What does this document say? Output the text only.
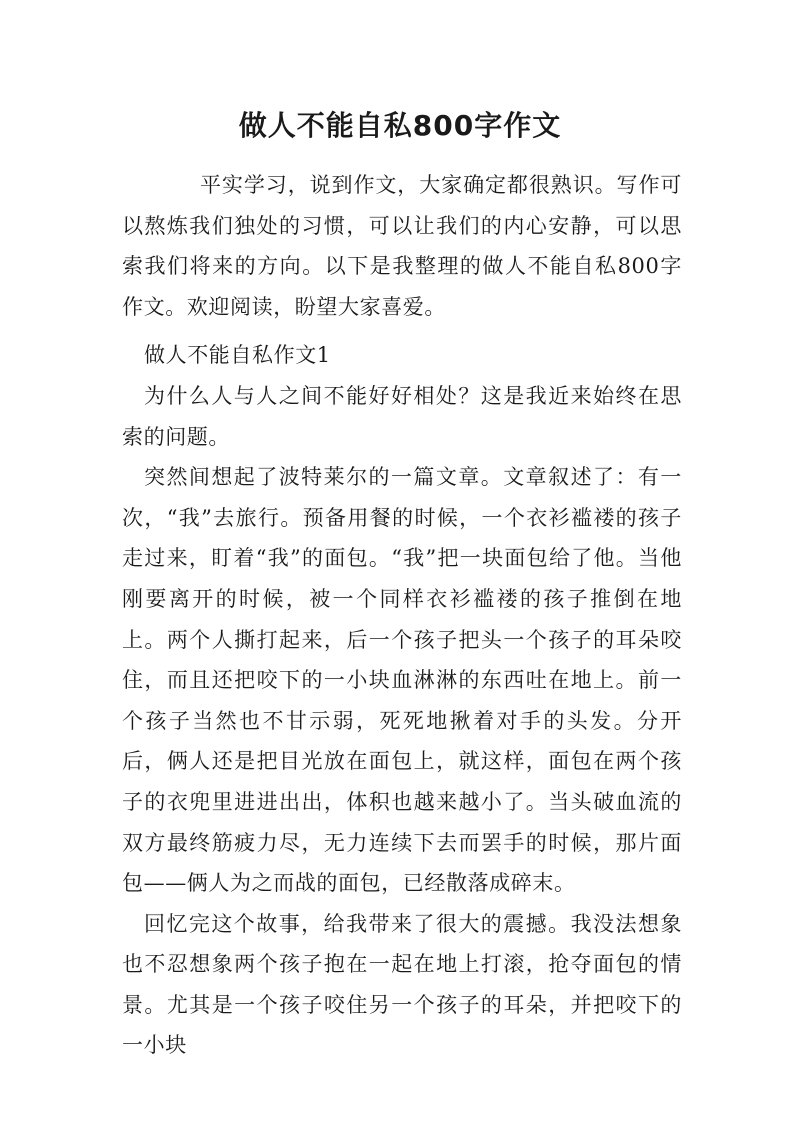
做人不能自私800字作文

平实学习，说到作文，大家确定都很熟识。写作可以熬炼我们独处的习惯，可以让我们的内心安静，可以思索我们将来的方向。以下是我整理的做人不能自私800字作文。欢迎阅读，盼望大家喜爱。

做人不能自私作文1

为什么人与人之间不能好好相处？这是我近来始终在思索的问题。

突然间想起了波特莱尔的一篇文章。文章叙述了：有一次，“我”去旅行。预备用餐的时候，一个衣衫褴褛的孩子走过来，盯着“我”的面包。“我”把一块面包给了他。当他刚要离开的时候，被一个同样衣衫褴褛的孩子推倒在地上。两个人撕打起来，后一个孩子把头一个孩子的耳朵咬住，而且还把咬下的一小块血淋淋的东西吐在地上。前一个孩子当然也不甘示弱，死死地揪着对手的头发。分开后，俩人还是把目光放在面包上，就这样，面包在两个孩子的衣兜里进进出出，体积也越来越小了。当头破血流的双方最终筋疲力尽，无力连续下去而罢手的时候，那片面包——俩人为之而战的面包，已经散落成碎末。

回忆完这个故事，给我带来了很大的震撼。我没法想象也不忍想象两个孩子抱在一起在地上打滚，抢夺面包的情景。尤其是一个孩子咬住另一个孩子的耳朵，并把咬下的一小块
